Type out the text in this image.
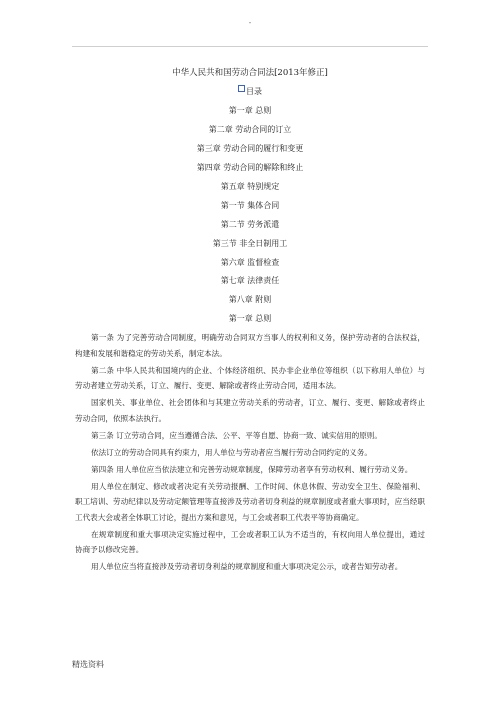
-
中华人民共和国劳动合同法[2013年修正]
目录
第一章 总则
第二章 劳动合同的订立
第三章 劳动合同的履行和变更
第四章 劳动合同的解除和终止
第五章 特别规定
第一节 集体合同
第二节 劳务派遣
第三节 非全日制用工
第六章 监督检查
第七章 法律责任
第八章 附则
第一章 总则

第一条 为了完善劳动合同制度，明确劳动合同双方当事人的权利和义务，保护劳动者的合法权益，构建和发展和谐稳定的劳动关系，制定本法。

第二条 中华人民共和国境内的企业、个体经济组织、民办非企业单位等组织（以下称用人单位）与劳动者建立劳动关系，订立、履行、变更、解除或者终止劳动合同，适用本法。

国家机关、事业单位、社会团体和与其建立劳动关系的劳动者，订立、履行、变更、解除或者终止劳动合同，依照本法执行。

第三条 订立劳动合同，应当遵循合法、公平、平等自愿、协商一致、诚实信用的原则。

依法订立的劳动合同具有约束力，用人单位与劳动者应当履行劳动合同约定的义务。

第四条 用人单位应当依法建立和完善劳动规章制度，保障劳动者享有劳动权利、履行劳动义务。

用人单位在制定、修改或者决定有关劳动报酬、工作时间、休息休假、劳动安全卫生、保险福利、职工培训、劳动纪律以及劳动定额管理等直接涉及劳动者切身利益的规章制度或者重大事项时，应当经职工代表大会或者全体职工讨论，提出方案和意见，与工会或者职工代表平等协商确定。

在规章制度和重大事项决定实施过程中，工会或者职工认为不适当的，有权向用人单位提出，通过协商予以修改完善。

用人单位应当将直接涉及劳动者切身利益的规章制度和重大事项决定公示，或者告知劳动者。

精选资料
